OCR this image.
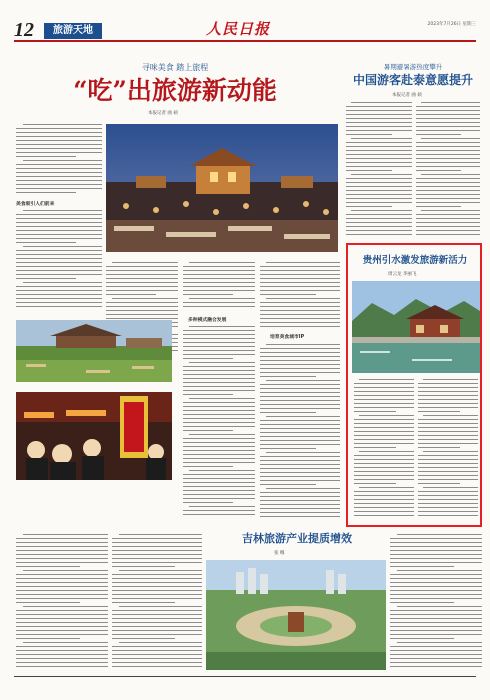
12	旅游天地	人民日报	2023年7月26日 星期三
寻味美食 踏上旅程
“吃”出旅游新动能
本报记者 曲 硕
暑期避暑游热度攀升
中国游客赴泰意愿提升
本报记者 曲 硕
美食吸引人们前来
多种模式融合发展
培育美食城市IP
贵州引水激发旅游新活力
周云龙 李丽飞
吉林旅游产业提质增效
张 娜
